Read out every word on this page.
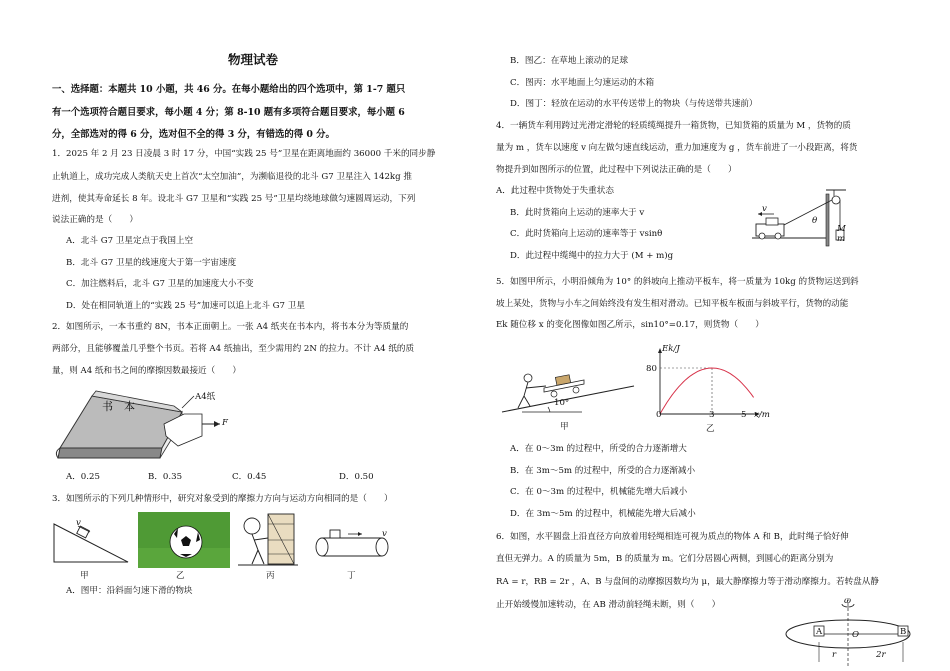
物理试卷
一、选择题：本题共 10 小题，共 46 分。在每小题给出的四个选项中，第 1-7 题只
有一个选项符合题目要求，每小题 4 分；第 8-10 题有多项符合题目要求，每小题 6
分，全部选对的得 6 分，选对但不全的得 3 分，有错选的得 0 分。
1．2025 年 2 月 23 日凌晨 3 时 17 分，中国“实践 25 号”卫星在距离地面约 36000 千米的同步静
止轨道上，成功完成人类航天史上首次“太空加油”，为濒临退役的北斗 G7 卫星注入 142kg 推
进剂，使其寿命延长 8 年。设北斗 G7 卫星和“实践 25 号”卫星均绕地球做匀速圆周运动，下列
说法正确的是（　　）
A．北斗 G7 卫星定点于我国上空
B．北斗 G7 卫星的线速度大于第一宇宙速度
C．加注燃料后，北斗 G7 卫星的加速度大小不变
D．处在相同轨道上的“实践 25 号”加速可以追上北斗 G7 卫星
2．如图所示，一本书重约 8N，书本正面朝上。一张 A4 纸夹在书本内，将书本分为等质量的
两部分，且能够覆盖几乎整个书页。若将 A4 纸抽出，至少需用约 2N 的拉力。不计 A4 纸的质
量，则 A4 纸和书之间的摩擦因数最接近（　　）
书　本
A4纸
F
A．0.25	B．0.35	C．0.45	D．0.50
3．如图所示的下列几种情形中，研究对象受到的摩擦力方向与运动方向相同的是（　　）
v
甲	乙	丙
v
丁
A．图甲：沿斜面匀速下滑的物块
B．图乙：在草地上滚动的足球
C．图丙：水平地面上匀速运动的木箱
D．图丁：轻放在运动的水平传送带上的物块（与传送带共速前）
4．一辆货车利用跨过光滑定滑轮的轻质缆绳提升一箱货物，已知货箱的质量为 M ，货物的质
量为 m ，货车以速度 v 向左做匀速直线运动，重力加速度为 g ，货车前进了一小段距离，将货
物提升到如图所示的位置，此过程中下列说法正确的是（　　）
A．此过程中货物处于失重状态
B．此时货箱向上运动的速率大于 v
C．此时货箱向上运动的速率等于 vsinθ
D．此过程中缆绳中的拉力大于 (M + m)g
v
θ
M
m
5．如图甲所示，小明沿倾角为 10° 的斜坡向上推动平板车，将一质量为 10kg 的货物运送到斜
坡上某处，货物与小车之间始终没有发生相对滑动。已知平板车板面与斜坡平行，货物的动能
Ek 随位移 x 的变化图像如图乙所示，sin10°=0.17，则货物（　　）
10°
甲
Ek/J
x/m
80
0	3	5
乙
A．在 0～3m 的过程中，所受的合力逐渐增大
B．在 3m～5m 的过程中，所受的合力逐渐减小
C．在 0～3m 的过程中，机械能先增大后减小
D．在 3m～5m 的过程中，机械能先增大后减小
6．如图，水平圆盘上沿直径方向放着用轻绳相连可视为质点的物体 A 和 B，此时绳子恰好伸
直但无弹力。A 的质量为 5m，B 的质量为 m。它们分居圆心两侧，到圆心的距离分别为
RA = r，RB = 2r ，A、B 与盘间的动摩擦因数均为 μ，最大静摩擦力等于滑动摩擦力。若转盘从静
止开始缓慢加速转动，在 AB 滑动前轻绳未断，则（　　）	ω
A	B
O
r	2r
